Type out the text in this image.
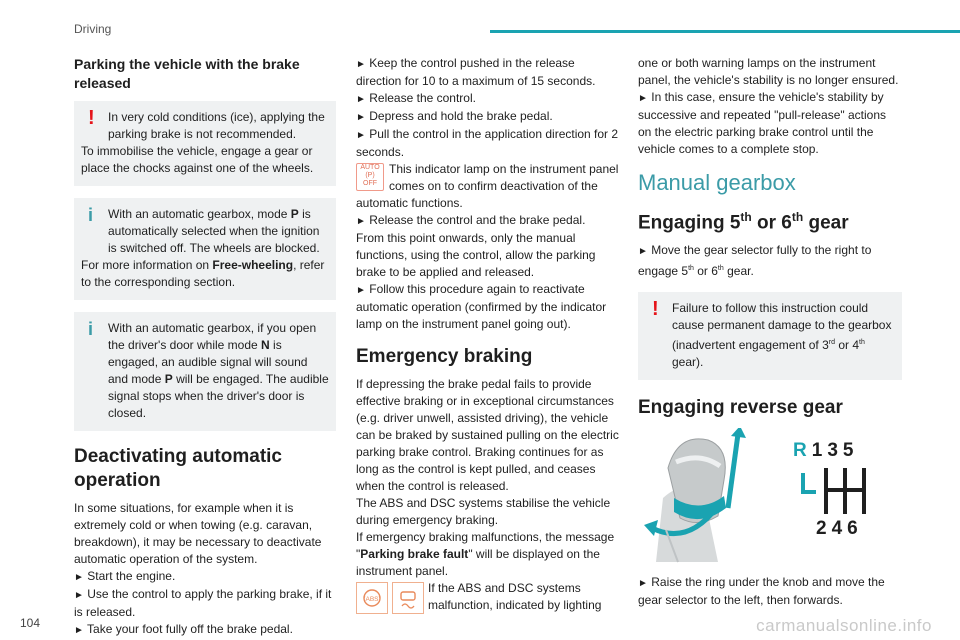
Driving
Parking the vehicle with the brake released
!	In very cold conditions (ice), applying the parking brake is not recommended.

To immobilise the vehicle, engage a gear or place the chocks against one of the wheels.

i	With an automatic gearbox, mode P is automatically selected when the ignition is switched off. The wheels are blocked.

For more information on Free-wheeling, refer to the corresponding section.

i	With an automatic gearbox, if you open the driver's door while mode N is engaged, an audible signal will sound and mode P will be engaged. The audible signal stops when the driver's door is closed.

Deactivating automatic operation

In some situations, for example when it is extremely cold or when towing (e.g. caravan, breakdown), it may be necessary to deactivate automatic operation of the system.

► Start the engine.

► Use the control to apply the parking brake, if it is released.

► Take your foot fully off the brake pedal.

► Keep the control pushed in the release direction for 10 to a maximum of 15 seconds.

► Release the control.

► Depress and hold the brake pedal.

► Pull the control in the application direction for 2 seconds.

AUTO
(P)
OFF
This indicator lamp on the instrument panel comes on to confirm deactivation of the automatic functions.

► Release the control and the brake pedal.

From this point onwards, only the manual functions, using the control, allow the parking brake to be applied and released.

► Follow this procedure again to reactivate automatic operation (confirmed by the indicator lamp on the instrument panel going out).

Emergency braking

If depressing the brake pedal fails to provide effective braking or in exceptional circumstances (e.g. driver unwell, assisted driving), the vehicle can be braked by sustained pulling on the electric parking brake control. Braking continues for as long as the control is kept pulled, and ceases when the control is released.

The ABS and DSC systems stabilise the vehicle during emergency braking.

If emergency braking malfunctions, the message "Parking brake fault" will be displayed on the instrument panel.

(ABS)
If the ABS and DSC systems malfunction, indicated by lighting

one or both warning lamps on the instrument panel, the vehicle's stability is no longer ensured.

► In this case, ensure the vehicle's stability by successive and repeated "pull-release" actions on the electric parking brake control until the vehicle comes to a complete stop.

Manual gearbox
Engaging 5th or 6th gear

► Move the gear selector fully to the right to engage 5th or 6th gear.

!	Failure to follow this instruction could cause permanent damage to the gearbox (inadvertent engagement of 3rd or 4th gear).

Engaging reverse gear
R135
246

► Raise the ring under the knob and move the gear selector to the left, then forwards.

104	carmanualsonline.info
